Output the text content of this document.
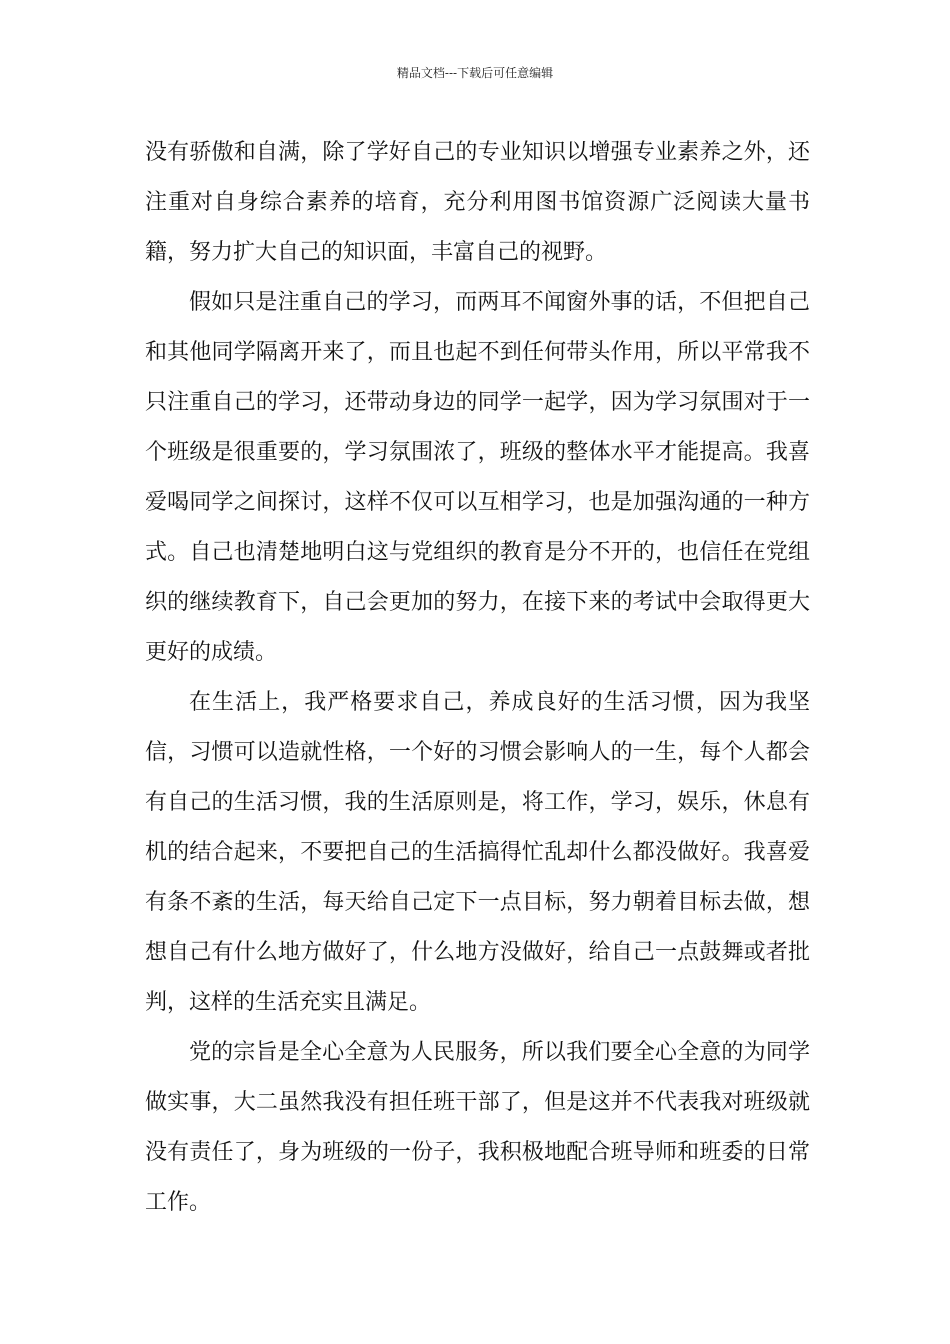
精品文档---下载后可任意编辑

没有骄傲和自满，除了学好自己的专业知识以增强专业素养之外，还注重对自身综合素养的培育，充分利用图书馆资源广泛阅读大量书籍，努力扩大自己的知识面，丰富自己的视野。

假如只是注重自己的学习，而两耳不闻窗外事的话，不但把自己和其他同学隔离开来了，而且也起不到任何带头作用，所以平常我不只注重自己的学习，还带动身边的同学一起学，因为学习氛围对于一个班级是很重要的，学习氛围浓了，班级的整体水平才能提高。我喜爱喝同学之间探讨，这样不仅可以互相学习，也是加强沟通的一种方式。自己也清楚地明白这与党组织的教育是分不开的，也信任在党组织的继续教育下，自己会更加的努力，在接下来的考试中会取得更大更好的成绩。

在生活上，我严格要求自己，养成良好的生活习惯，因为我坚信，习惯可以造就性格，一个好的习惯会影响人的一生，每个人都会有自己的生活习惯，我的生活原则是，将工作，学习，娱乐，休息有机的结合起来，不要把自己的生活搞得忙乱却什么都没做好。我喜爱有条不紊的生活，每天给自己定下一点目标，努力朝着目标去做，想想自己有什么地方做好了，什么地方没做好，给自己一点鼓舞或者批判，这样的生活充实且满足。

党的宗旨是全心全意为人民服务，所以我们要全心全意的为同学做实事，大二虽然我没有担任班干部了，但是这并不代表我对班级就没有责任了，身为班级的一份子，我积极地配合班导师和班委的日常工作。
